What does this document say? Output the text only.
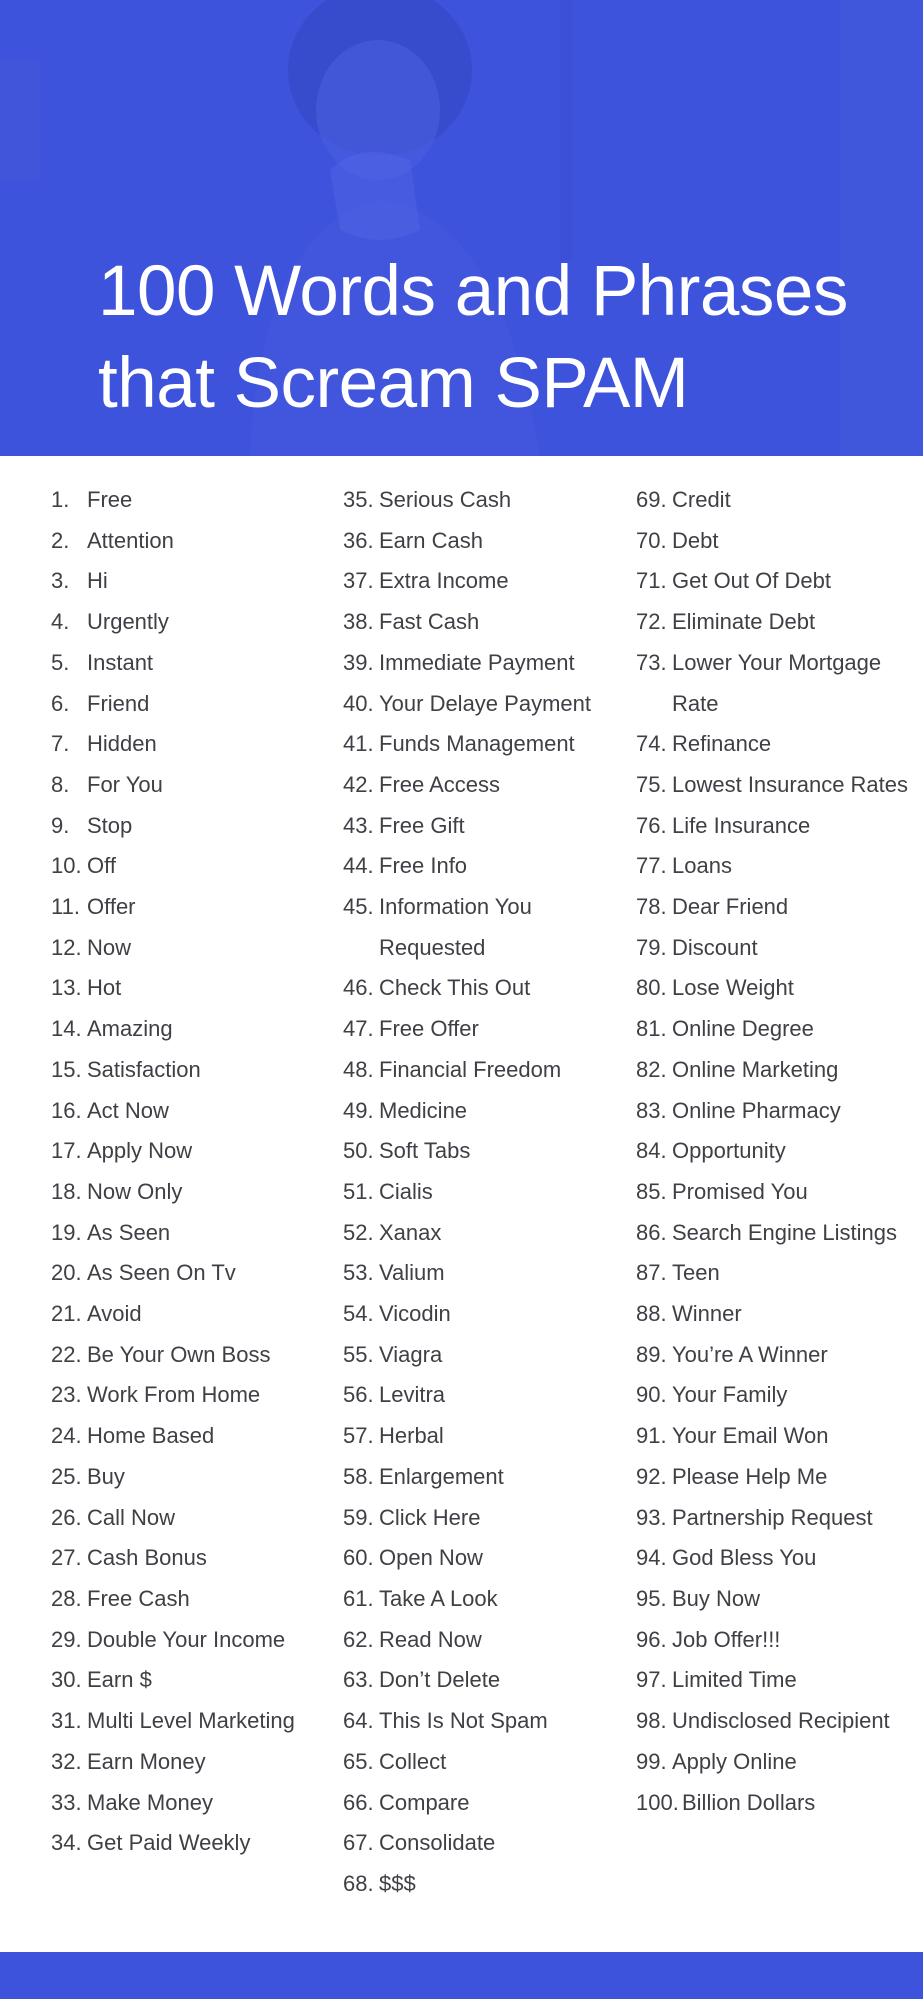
100 Words and Phrases
that Scream SPAM
1. Free
2. Attention
3. Hi
4. Urgently
5. Instant
6. Friend
7. Hidden
8. For You
9. Stop
10. Off
11. Offer
12. Now
13. Hot
14. Amazing
15. Satisfaction
16. Act Now
17. Apply Now
18. Now Only
19. As Seen
20. As Seen On Tv
21. Avoid
22. Be Your Own Boss
23. Work From Home
24. Home Based
25. Buy
26. Call Now
27. Cash Bonus
28. Free Cash
29. Double Your Income
30. Earn $
31. Multi Level Marketing
32. Earn Money
33. Make Money
34. Get Paid Weekly
35. Serious Cash
36. Earn Cash
37. Extra Income
38. Fast Cash
39. Immediate Payment
40. Your Delaye Payment
41. Funds Management
42. Free Access
43. Free Gift
44. Free Info
45. Information You Requested
46. Check This Out
47. Free Offer
48. Financial Freedom
49. Medicine
50. Soft Tabs
51. Cialis
52. Xanax
53. Valium
54. Vicodin
55. Viagra
56. Levitra
57. Herbal
58. Enlargement
59. Click Here
60. Open Now
61. Take A Look
62. Read Now
63. Don’t Delete
64. This Is Not Spam
65. Collect
66. Compare
67. Consolidate
68. $$$
69. Credit
70. Debt
71. Get Out Of Debt
72. Eliminate Debt
73. Lower Your Mortgage Rate
74. Refinance
75. Lowest Insurance Rates
76. Life Insurance
77. Loans
78. Dear Friend
79. Discount
80. Lose Weight
81. Online Degree
82. Online Marketing
83. Online Pharmacy
84. Opportunity
85. Promised You
86. Search Engine Listings
87. Teen
88. Winner
89. You’re A Winner
90. Your Family
91. Your Email Won
92. Please Help Me
93. Partnership Request
94. God Bless You
95. Buy Now
96. Job Offer!!!
97. Limited Time
98. Undisclosed Recipient
99. Apply Online
100. Billion Dollars
